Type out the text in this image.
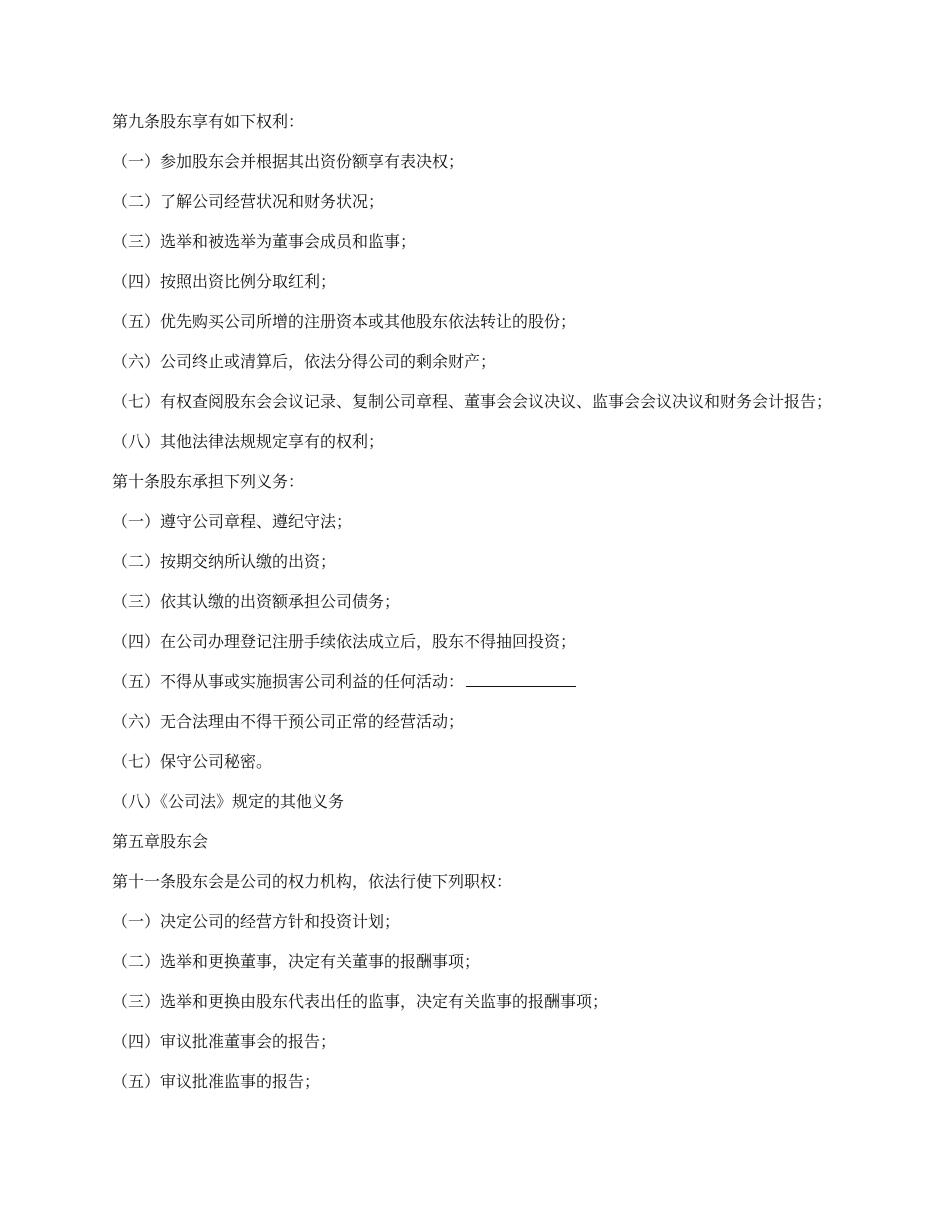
第九条股东享有如下权利：

（一）参加股东会并根据其出资份额享有表决权；

（二）了解公司经营状况和财务状况；

（三）选举和被选举为董事会成员和监事；

（四）按照出资比例分取红利；

（五）优先购买公司所增的注册资本或其他股东依法转让的股份；

（六）公司终止或清算后，依法分得公司的剩余财产；

（七）有权查阅股东会会议记录、复制公司章程、董事会会议决议、监事会会议决议和财务会计报告；

（八）其他法律法规规定享有的权利；

第十条股东承担下列义务：

（一）遵守公司章程、遵纪守法；

（二）按期交纳所认缴的出资；

（三）依其认缴的出资额承担公司债务；

（四）在公司办理登记注册手续依法成立后，股东不得抽回投资；

（五）不得从事或实施损害公司利益的任何活动：

（六）无合法理由不得干预公司正常的经营活动；

（七）保守公司秘密。

（八）《公司法》规定的其他义务

第五章股东会

第十一条股东会是公司的权力机构，依法行使下列职权：

（一）决定公司的经营方针和投资计划；

（二）选举和更换董事，决定有关董事的报酬事项；

（三）选举和更换由股东代表出任的监事，决定有关监事的报酬事项；

（四）审议批准董事会的报告；

（五）审议批准监事的报告；
